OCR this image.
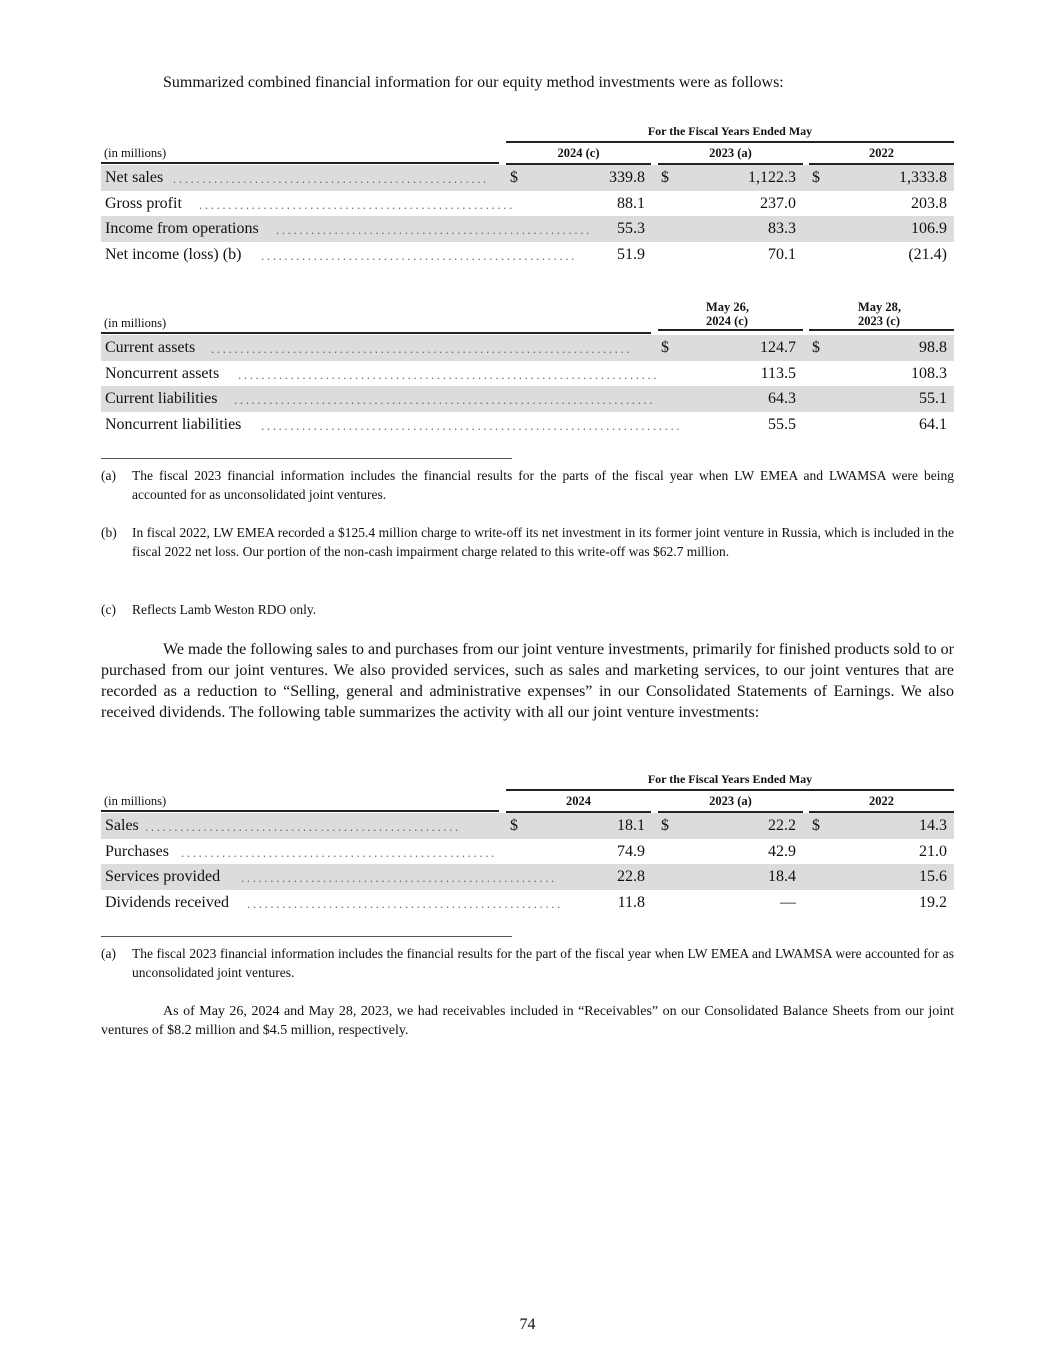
Summarized combined financial information for our equity method investments were as follows:
For the Fiscal Years Ended May
(in millions)	2024 (c)	2023 (a)	2022
Net sales ......................................................	$	339.8 $	1,122.3 $	1,333.8
Gross profit ......................................................	88.1	237.0	203.8
Income from operations ......................................................	55.3	83.3	106.9
Net income (loss) (b) ......................................................	51.9	70.1	(21.4)
(in millions)
May 26,
2024 (c)
May 28,
2023 (c)
Current assets ........................................................................	$	124.7 $	98.8
Noncurrent assets ........................................................................	113.5	108.3
Current liabilities ........................................................................	64.3	55.1
Noncurrent liabilities ........................................................................	55.5	64.1
(a) The fiscal 2023 financial information includes the financial results for the parts of the fiscal year when LW EMEA and LWAMSA were being accounted for as unconsolidated joint ventures.
(b) In fiscal 2022, LW EMEA recorded a $125.4 million charge to write-off its net investment in its former joint venture in Russia, which is included in the fiscal 2022 net loss. Our portion of the non-cash impairment charge related to this write-off was $62.7 million.
(c) Reflects Lamb Weston RDO only.
We made the following sales to and purchases from our joint venture investments, primarily for finished products sold to or purchased from our joint ventures. We also provided services, such as sales and marketing services, to our joint ventures that are recorded as a reduction to “Selling, general and administrative expenses” in our Consolidated Statements of Earnings. We also received dividends. The following table summarizes the activity with all our joint venture investments:
For the Fiscal Years Ended May
(in millions)	2024	2023 (a)	2022
Sales ......................................................	$	18.1 $	22.2 $	14.3
Purchases ......................................................	74.9	42.9	21.0
Services provided ......................................................	22.8	18.4	15.6
Dividends received ......................................................	11.8	—	19.2
(a) The fiscal 2023 financial information includes the financial results for the part of the fiscal year when LW EMEA and LWAMSA were accounted for as unconsolidated joint ventures.
As of May 26, 2024 and May 28, 2023, we had receivables included in “Receivables” on our Consolidated Balance Sheets from our joint ventures of $8.2 million and $4.5 million, respectively.
74
